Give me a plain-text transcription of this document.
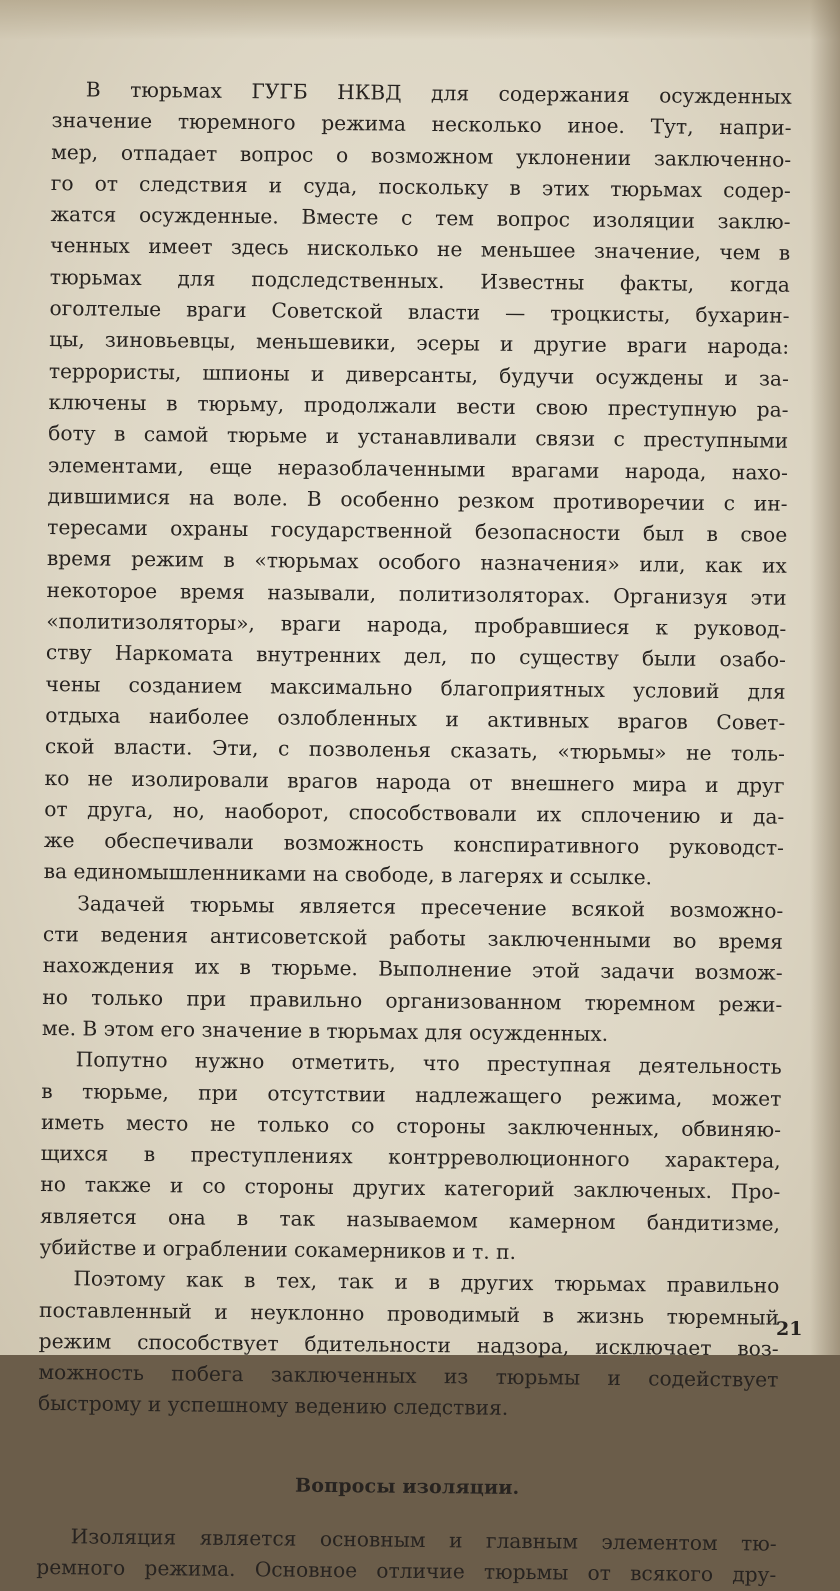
В тюрьмах ГУГБ НКВД для содержания осужденных
значение тюремного режима несколько иное. Тут, напри-
мер, отпадает вопрос о возможном уклонении заключенно-
го от следствия и суда, поскольку в этих тюрьмах содер-
жатся осужденные. Вместе с тем вопрос изоляции заклю-
ченных имеет здесь нисколько не меньшее значение, чем в
тюрьмах для подследственных. Известны факты, когда
оголтелые враги Советской власти — троцкисты, бухарин-
цы, зиновьевцы, меньшевики, эсеры и другие враги народа:
террористы, шпионы и диверсанты, будучи осуждены и за-
ключены в тюрьму, продолжали вести свою преступную ра-
боту в самой тюрьме и устанавливали связи с преступными
элементами, еще неразоблаченными врагами народа, нахо-
дившимися на воле. В особенно резком противоречии с ин-
тересами охраны государственной безопасности был в свое
время режим в «тюрьмах особого назначения» или, как их
некоторое время называли, политизоляторах. Организуя эти
«политизоляторы», враги народа, пробравшиеся к руковод-
ству Наркомата внутренних дел, по существу были озабо-
чены созданием максимально благоприятных условий для
отдыха наиболее озлобленных и активных врагов Совет-
ской власти. Эти, с позволенья сказать, «тюрьмы» не толь-
ко не изолировали врагов народа от внешнего мира и друг
от друга, но, наоборот, способствовали их сплочению и да-
же обеспечивали возможность конспиративного руководст-
ва единомышленниками на свободе, в лагерях и ссылке.
Задачей тюрьмы является пресечение всякой возможно-
сти ведения антисоветской работы заключенными во время
нахождения их в тюрьме. Выполнение этой задачи возмож-
но только при правильно организованном тюремном режи-
ме. В этом его значение в тюрьмах для осужденных.
Попутно нужно отметить, что преступная деятельность
в тюрьме, при отсутствии надлежащего режима, может
иметь место не только со стороны заключенных, обвиняю-
щихся в преступлениях контрреволюционного характера,
но также и со стороны других категорий заключеных. Про-
является она в так называемом камерном бандитизме,
убийстве и ограблении сокамерников и т. п.
Поэтому как в тех, так и в других тюрьмах правильно
поставленный и неуклонно проводимый в жизнь тюремный
режим способствует бдительности надзора, исключает воз-
можность побега заключенных из тюрьмы и содействует
быстрому и успешному ведению следствия.
Вопросы изоляции.
Изоляция является основным и главным элементом тю-
ремного режима. Основное отличие тюрьмы от всякого дру-
21
